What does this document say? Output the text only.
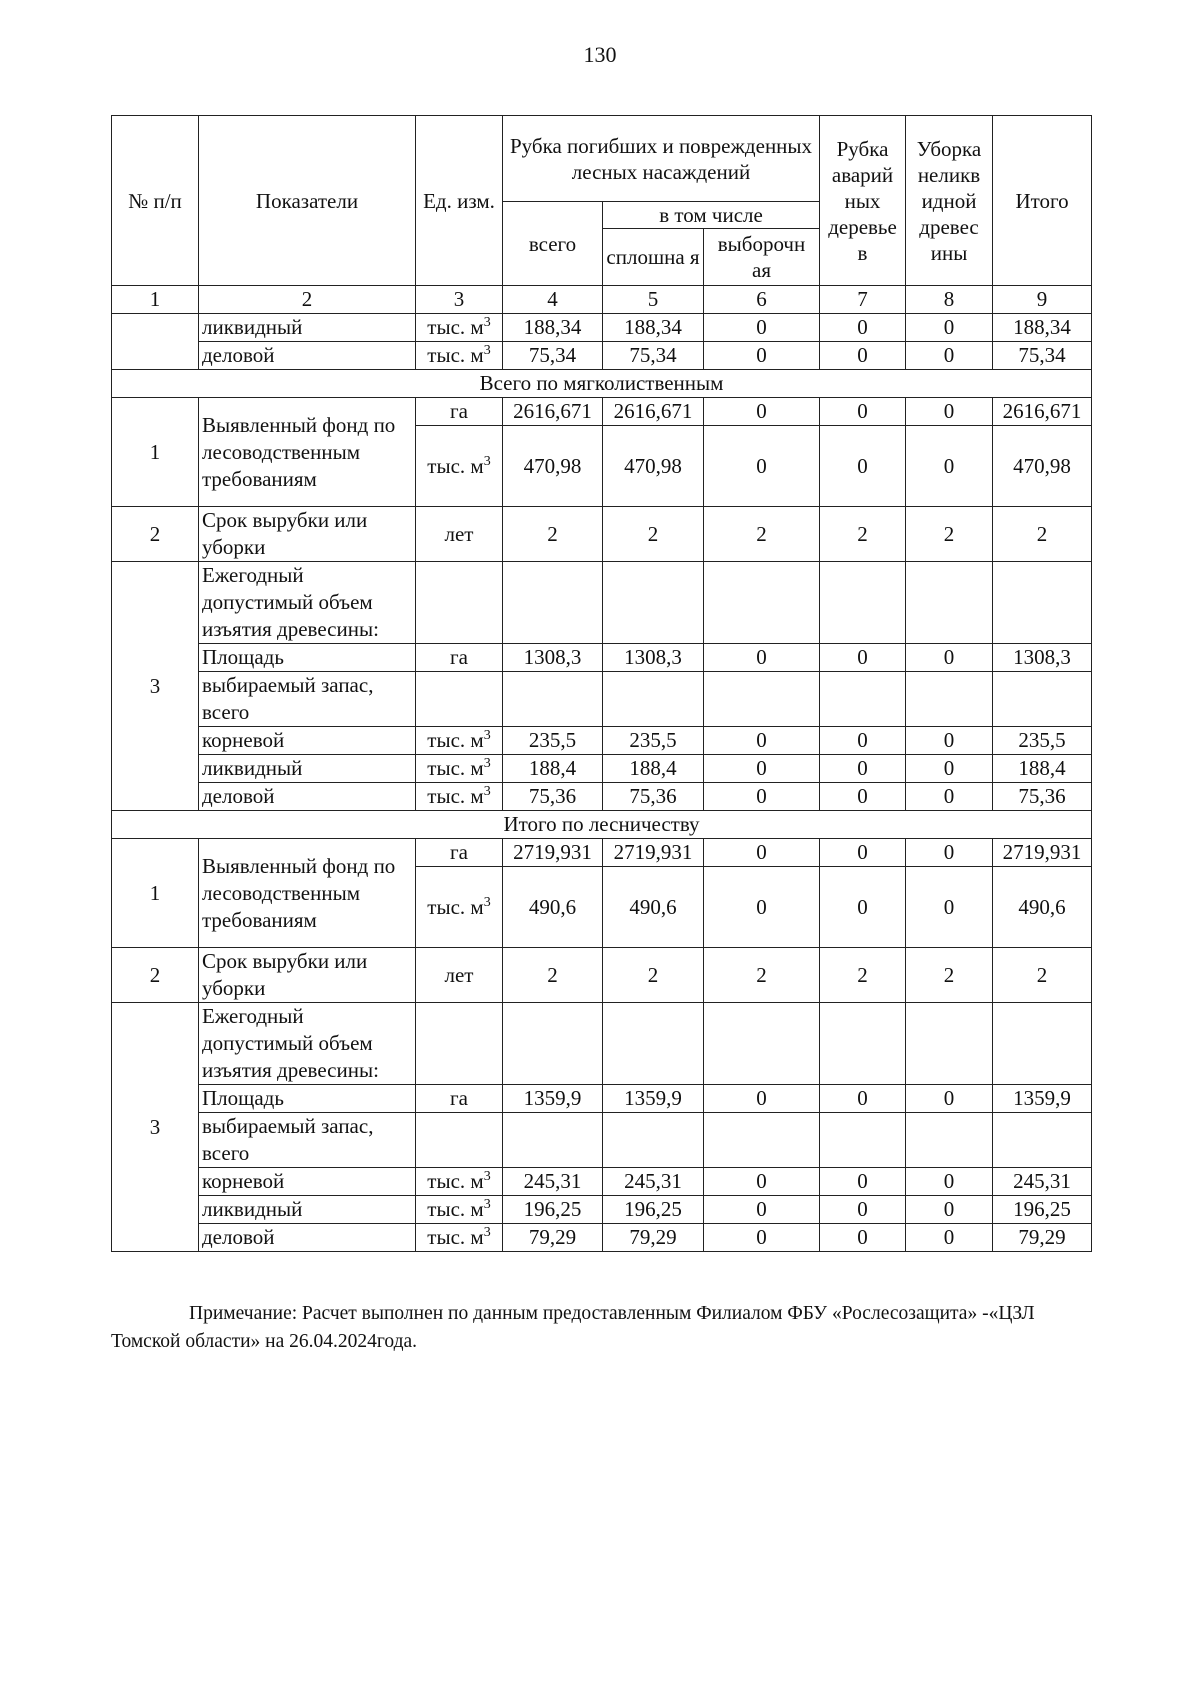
130
№ п/п	Показатели	Ед. изм.	Рубка погибших и поврежденных лесных насаждений			Рубка аварий ных деревье в	Уборка неликв идной древес ины	Итого
			всего	в том числе				
				сплошна я	выборочн ая			
1	2	3	4	5	6	7	8	9
	ликвидный	тыс. $м^3$	188,34	188,34	0	0	0	188,34
	деловой	тыс. $м^3$	75,34	75,34	0	0	0	75,34
Всего по мягколиственным								
1	Выявленный фонд по лесоводственным требованиям	га	2616,671	2616,671	0	0	0	2616,671
		тыс. $м^3$	470,98	470,98	0	0	0	470,98
2	Срок вырубки или уборки	лет	2	2	2	2	2	2
3	Ежегодный допустимый объем изъятия древесины:							
	Площадь	га	1308,3	1308,3	0	0	0	1308,3
	выбираемый запас, всего							
	корневой	тыс. $м^3$	235,5	235,5	0	0	0	235,5
	ликвидный	тыс. $м^3$	188,4	188,4	0	0	0	188,4
	деловой	тыс. $м^3$	75,36	75,36	0	0	0	75,36
Итого по лесничеству								
1	Выявленный фонд по лесоводственным требованиям	га	2719,931	2719,931	0	0	0	2719,931
		тыс. $м^3$	490,6	490,6	0	0	0	490,6
2	Срок вырубки или уборки	лет	2	2	2	2	2	2
3	Ежегодный допустимый объем изъятия древесины:							
	Площадь	га	1359,9	1359,9	0	0	0	1359,9
	выбираемый запас, всего							
	корневой	тыс. $м^3$	245,31	245,31	0	0	0	245,31
	ликвидный	тыс. $м^3$	196,25	196,25	0	0	0	196,25
	деловой	тыс. $м^3$	79,29	79,29	0	0	0	79,29
Примечание: Расчет выполнен по данным предоставленным Филиалом ФБУ «Рослесозащита» -«ЦЗЛ Томской области» на 26.04.2024года.
